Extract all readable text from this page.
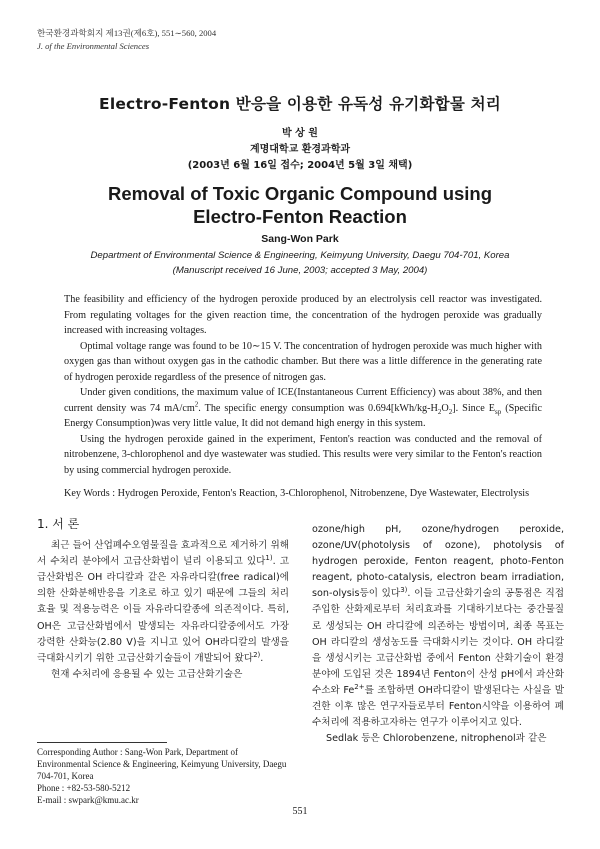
한국환경과학회지 제13권(제6호), 551∼560, 2004
J. of the Environmental Sciences
Electro-Fenton 반응을 이용한 유독성 유기화합물 처리
박 상 원
계명대학교 환경과학과
(2003년 6월 16일 접수; 2004년 5월 3일 채택)
Removal of Toxic Organic Compound using
Electro-Fenton Reaction
Sang-Won Park
Department of Environmental Science & Engineering, Keimyung University, Daegu 704-701, Korea
(Manuscript received 16 June, 2003; accepted 3 May, 2004)

The feasibility and efficiency of the hydrogen peroxide produced by an electrolysis cell reactor was investigated. From regulating voltages for the given reaction time, the concentration of the hydrogen peroxide was gradually increased with increasing voltages.

Optimal voltage range was found to be 10∼15 V. The concentration of hydrogen peroxide was much higher with oxygen gas than without oxygen gas in the cathodic chamber. But there was a little difference in the generating rate of hydrogen peroxide regardless of the presence of nitrogen gas.

Under given conditions, the maximum value of ICE(Instantaneous Current Efficiency) was about 38%, and then current density was 74 $mA/cm^2$. The specific energy consumption was $0.694[kWh/kg-H_2O_2]$. Since $E_{sp}$ (Specific Energy Consumption)was very little value, It did not demand high energy in this system.

Using the hydrogen peroxide gained in the experiment, Fenton's reaction was conducted and the removal of nitrobenzene, 3-chlorophenol and dye wastewater was studied. This results were very similar to the Fenton's reaction by using commercial hydrogen peroxide.

Key Words : Hydrogen Peroxide, Fenton's Reaction, 3-Chlorophenol, Nitrobenzene, Dye Wastewater, Electrolysis
1. 서 론

최근 들어 산업폐수오염물질을 효과적으로 제거하기 위해서 수처리 분야에서 고급산화법이 널리 이용되고 있다$^{1)}$. 고급산화법은 OH 라디칼과 같은 자유라디칼(free radical)에 의한 산화분해반응을 기초로 하고 있기 때문에 그들의 처리효율 및 적용능력은 이들 자유라디칼종에 의존적이다. 특히, OH은 고급산화법에서 발생되는 자유라디칼중에서도 가장 강력한 산화능(2.80 V)을 지니고 있어 OH라디칼의 발생을 극대화시키기 위한 고급산화기술들이 개발되어 왔다$^{2)}$.

현재 수처리에 응용될 수 있는 고급산화기술은

ozone/high pH, ozone/hydrogen peroxide, ozone/UV(photolysis of ozone), photolysis of hydrogen peroxide, Fenton reagent, photo-Fenton reagent, photo-catalysis, electron beam irradiation, son-olysis등이 있다$^{3)}$. 이들 고급산화기술의 공통점은 직접 주입한 산화제로부터 처리효과를 기대하기보다는 중간물질로 생성되는 OH 라디칼에 의존하는 방법이며, 최종 목표는 OH 라디칼의 생성농도를 극대화시키는 것이다. OH 라디칼을 생성시키는 고급산화법 중에서 Fenton 산화기술이 환경 분야에 도입된 것은 1894년 Fenton이 산성 pH에서 과산화수소와 $Fe^{2+}$를 조합하면 OH라디칼이 발생된다는 사실을 발견한 이후 많은 연구자들로부터 Fenton시약을 이용하여 폐수처리에 적용하고자하는 연구가 이루어지고 있다.

Sedlak 등은 Chlorobenzene, nitrophenol과 같은

Corresponding Author : Sang-Won Park, Department of Environmental Science & Engineering, Keimyung University, Daegu 704-701, Korea

Phone : +82-53-580-5212

E-mail : swpark@kmu.ac.kr

551
